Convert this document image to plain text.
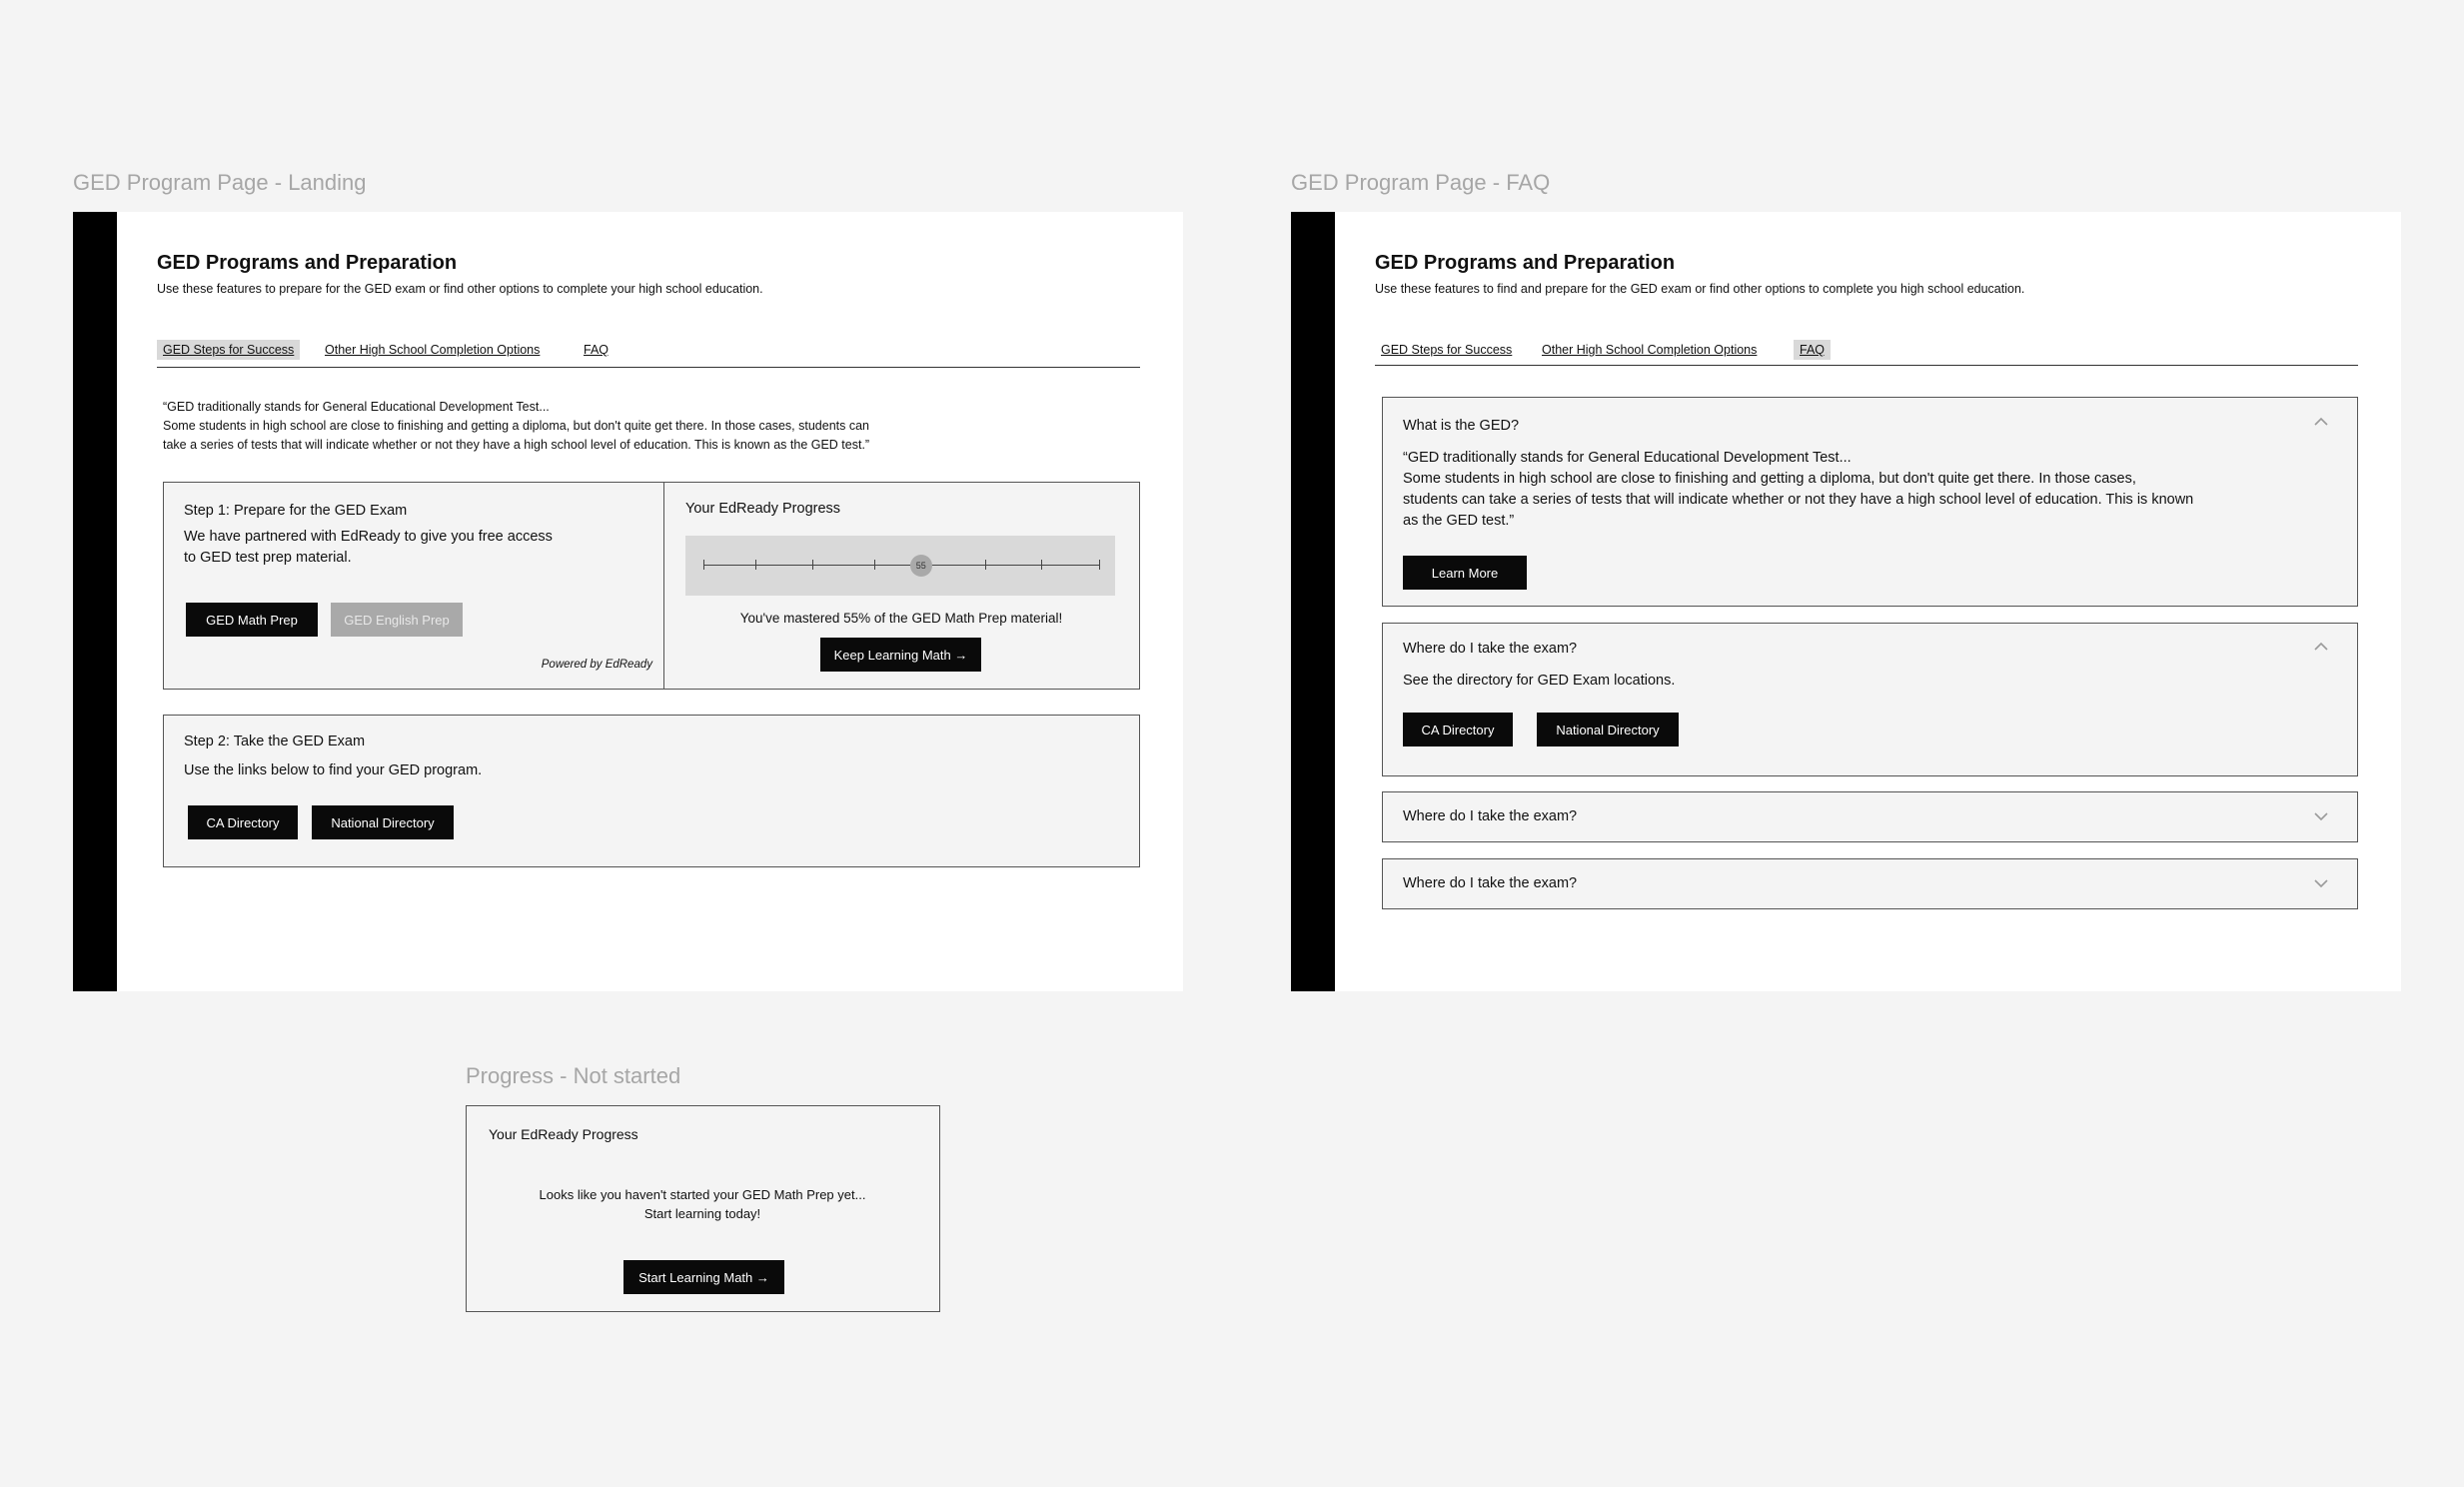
GED Program Page - Landing	GED Program Page - FAQ
Progress - Not started
GED Programs and Preparation
Use these features to prepare for the GED exam or find other options to complete your high school education.
GED Steps for Success	Other High School Completion Options	FAQ
“GED traditionally stands for General Educational Development Test...
Some students in high school are close to finishing and getting a diploma, but don't quite get there. In those cases, students can
take a series of tests that will indicate whether or not they have a high school level of education. This is known as the GED test.”
Step 1: Prepare for the GED Exam
We have partnered with EdReady to give you free access
to GED test prep material.
GED Math Prep	GED English Prep
Powered by EdReady
Your EdReady Progress
55
You've mastered 55% of the GED Math Prep material!
Keep Learning Math →
Step 2: Take the GED Exam
Use the links below to find your GED program.
CA Directory	National Directory
GED Programs and Preparation
Use these features to find and prepare for the GED exam or find other options to complete you high school education.
GED Steps for Success	Other High School Completion Options	FAQ
What is the GED?
“GED traditionally stands for General Educational Development Test...
Some students in high school are close to finishing and getting a diploma, but don't quite get there. In those cases,
students can take a series of tests that will indicate whether or not they have a high school level of education. This is known
as the GED test.”
Learn More
Where do I take the exam?
See the directory for GED Exam locations.
CA Directory	National Directory
Where do I take the exam?
Where do I take the exam?
Your EdReady Progress
Looks like you haven't started your GED Math Prep yet...
Start learning today!
Start Learning Math →
